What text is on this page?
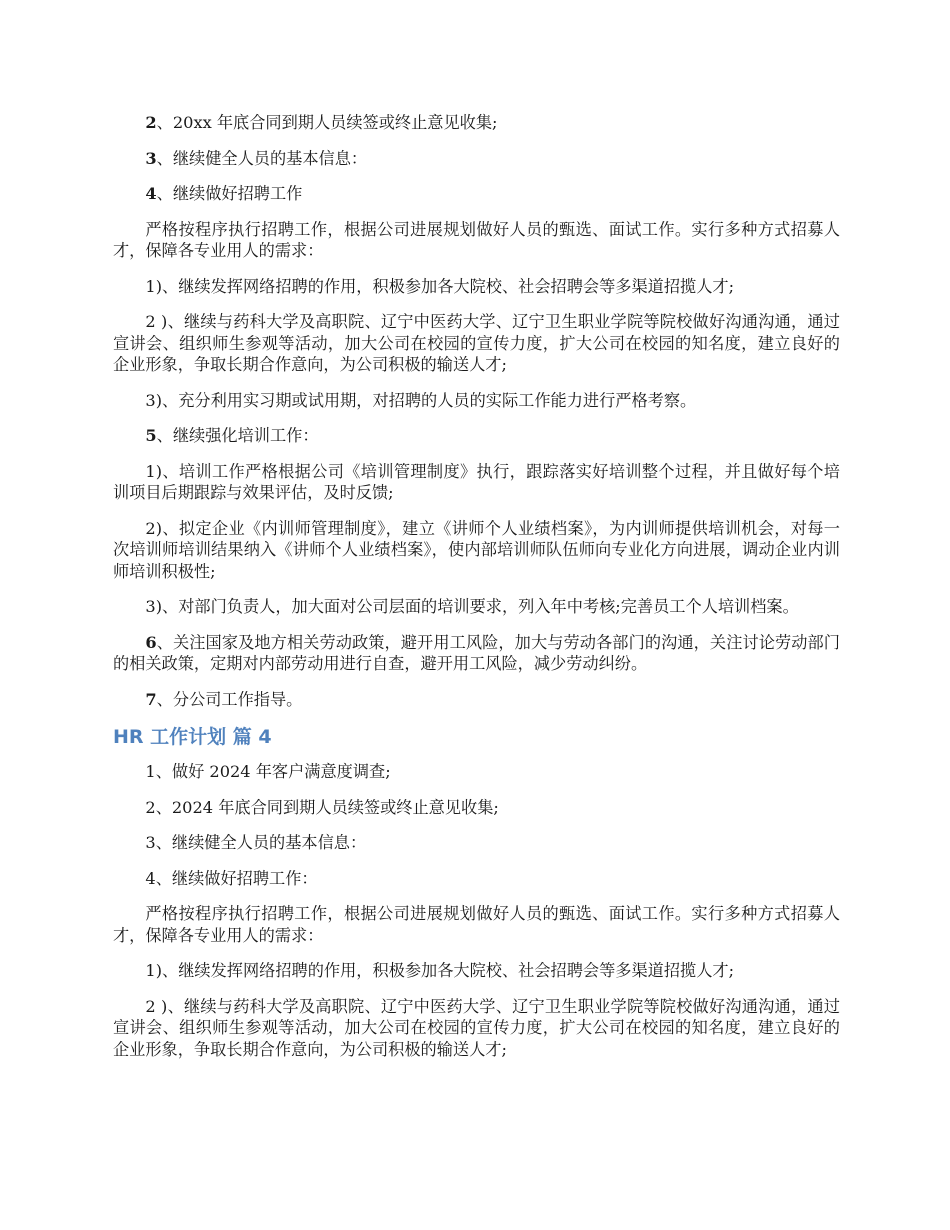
2、20xx 年底合同到期人员续签或终止意见收集;

3、继续健全人员的基本信息：

4、继续做好招聘工作

严格按程序执行招聘工作，根据公司进展规划做好人员的甄选、面试工作。实行多种方式招募人才，保障各专业用人的需求：

1)、继续发挥网络招聘的作用，积极参加各大院校、社会招聘会等多渠道招揽人才;

2 )、继续与药科大学及高职院、辽宁中医药大学、辽宁卫生职业学院等院校做好沟通沟通，通过宣讲会、组织师生参观等活动，加大公司在校园的宣传力度，扩大公司在校园的知名度，建立良好的企业形象，争取长期合作意向，为公司积极的输送人才;

3)、充分利用实习期或试用期，对招聘的人员的实际工作能力进行严格考察。

5、继续强化培训工作：

1)、培训工作严格根据公司《培训管理制度》执行，跟踪落实好培训整个过程，并且做好每个培训项目后期跟踪与效果评估，及时反馈;

2)、拟定企业《内训师管理制度》，建立《讲师个人业绩档案》，为内训师提供培训机会，对每一次培训师培训结果纳入《讲师个人业绩档案》，使内部培训师队伍师向专业化方向进展，调动企业内训师培训积极性;

3)、对部门负责人，加大面对公司层面的培训要求，列入年中考核;完善员工个人培训档案。

6、关注国家及地方相关劳动政策，避开用工风险，加大与劳动各部门的沟通，关注讨论劳动部门的相关政策，定期对内部劳动用进行自查，避开用工风险，减少劳动纠纷。

7、分公司工作指导。

HR 工作计划 篇 4

1、做好 2024 年客户满意度调查;

2、2024 年底合同到期人员续签或终止意见收集;

3、继续健全人员的基本信息：

4、继续做好招聘工作：

严格按程序执行招聘工作，根据公司进展规划做好人员的甄选、面试工作。实行多种方式招募人才，保障各专业用人的需求：

1)、继续发挥网络招聘的作用，积极参加各大院校、社会招聘会等多渠道招揽人才;

2 )、继续与药科大学及高职院、辽宁中医药大学、辽宁卫生职业学院等院校做好沟通沟通，通过宣讲会、组织师生参观等活动，加大公司在校园的宣传力度，扩大公司在校园的知名度，建立良好的企业形象，争取长期合作意向，为公司积极的输送人才;
